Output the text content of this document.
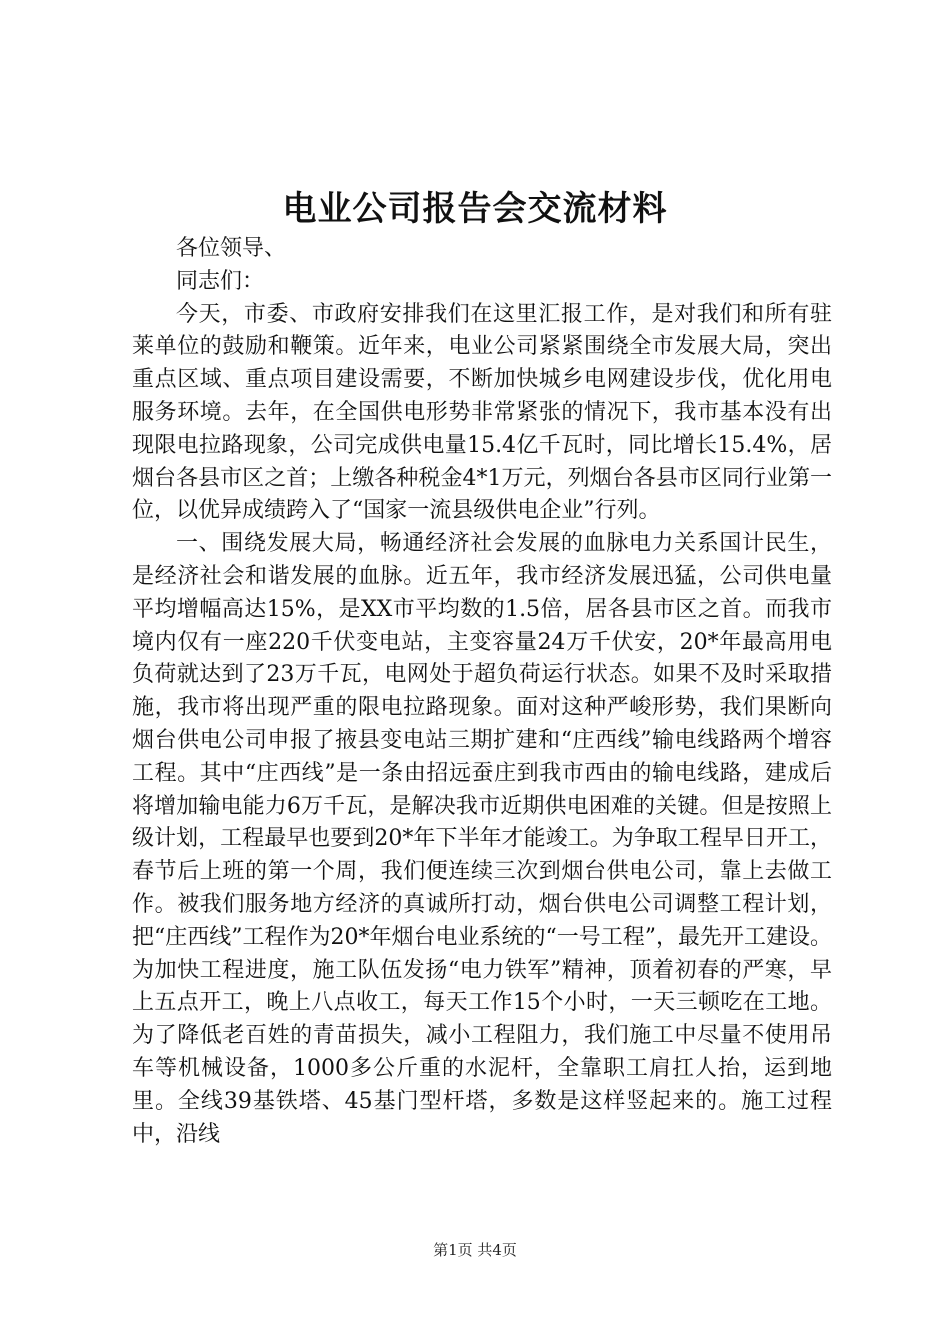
电业公司报告会交流材料

各位领导、

同志们：

今天，市委、市政府安排我们在这里汇报工作，是对我们和所有驻莱单位的鼓励和鞭策。近年来，电业公司紧紧围绕全市发展大局，突出重点区域、重点项目建设需要，不断加快城乡电网建设步伐，优化用电服务环境。去年，在全国供电形势非常紧张的情况下，我市基本没有出现限电拉路现象，公司完成供电量15.4亿千瓦时，同比增长15.4%，居烟台各县市区之首；上缴各种税金4*1万元，列烟台各县市区同行业第一位，以优异成绩跨入了“国家一流县级供电企业”行列。

一、围绕发展大局，畅通经济社会发展的血脉电力关系国计民生，是经济社会和谐发展的血脉。近五年，我市经济发展迅猛，公司供电量平均增幅高达15%，是XX市平均数的1.5倍，居各县市区之首。而我市境内仅有一座220千伏变电站，主变容量24万千伏安，20*年最高用电负荷就达到了23万千瓦，电网处于超负荷运行状态。如果不及时采取措施，我市将出现严重的限电拉路现象。面对这种严峻形势，我们果断向烟台供电公司申报了掖县变电站三期扩建和“庄西线”输电线路两个增容工程。其中“庄西线”是一条由招远蚕庄到我市西由的输电线路，建成后将增加输电能力6万千瓦，是解决我市近期供电困难的关键。但是按照上级计划，工程最早也要到20*年下半年才能竣工。为争取工程早日开工，春节后上班的第一个周，我们便连续三次到烟台供电公司，靠上去做工作。被我们服务地方经济的真诚所打动，烟台供电公司调整工程计划，把“庄西线”工程作为20*年烟台电业系统的“一号工程”，最先开工建设。为加快工程进度，施工队伍发扬“电力铁军”精神，顶着初春的严寒，早上五点开工，晚上八点收工，每天工作15个小时，一天三顿吃在工地。为了降低老百姓的青苗损失，减小工程阻力，我们施工中尽量不使用吊车等机械设备，1000多公斤重的水泥杆，全靠职工肩扛人抬，运到地里。全线39基铁塔、45基门型杆塔，多数是这样竖起来的。施工过程中，沿线

第1页 共4页
